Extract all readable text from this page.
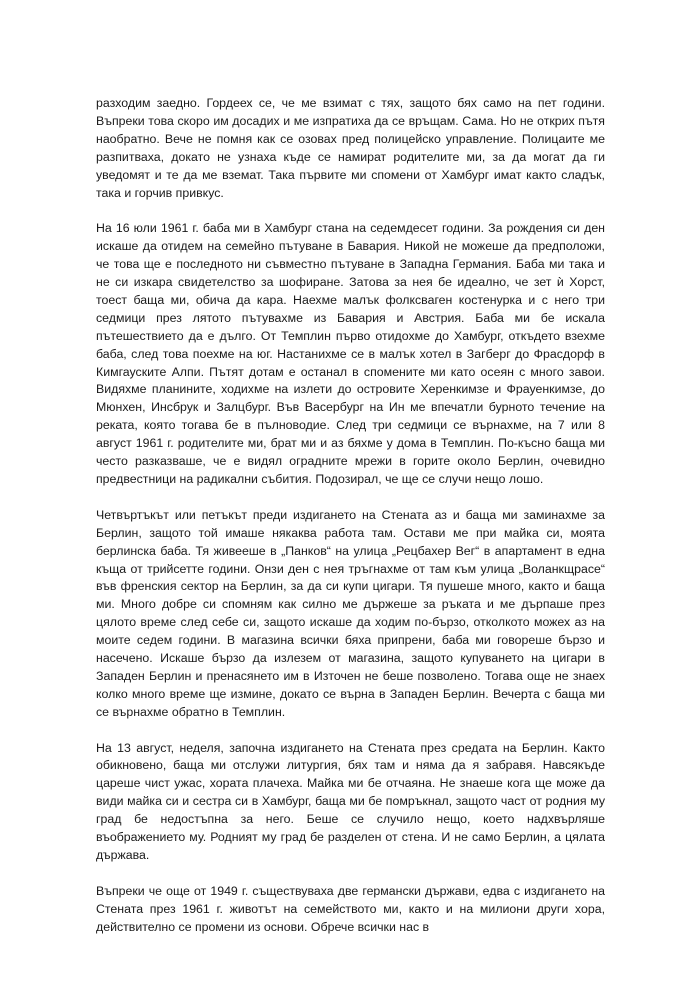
разходим заедно. Гордеех се, че ме взимат с тях, защото бях само на пет години. Въпреки това скоро им досадих и ме изпратиха да се връщам. Сама. Но не открих пътя наобратно. Вече не помня как се озовах пред полицейско управление. Полицаите ме разпитваха, докато не узнаха къде се намират родителите ми, за да могат да ги уведомят и те да ме вземат. Така първите ми спомени от Хамбург имат както сладък, така и горчив привкус.

На 16 юли 1961 г. баба ми в Хамбург стана на седемдесет години. За рождения си ден искаше да отидем на семейно пътуване в Бавария. Никой не можеше да предположи, че това ще е последното ни съвместно пътуване в Западна Германия. Баба ми така и не си изкара свидетелство за шофиране. Затова за нея бе идеално, че зет ѝ Хорст, тоест баща ми, обича да кара. Наехме малък фолксваген костенурка и с него три седмици през лятото пътувахме из Бавария и Австрия. Баба ми бе искала пътешествието да е дълго. От Темплин първо отидохме до Хамбург, откъдето взехме баба, след това поехме на юг. Настанихме се в малък хотел в Загберг до Фрасдорф в Кимгауските Алпи. Пътят дотам е останал в спомените ми като осеян с много завои. Видяхме планините, ходихме на излети до островите Херенкимзе и Фрауенкимзе, до Мюнхен, Инсбрук и Залцбург. Във Васербург на Ин ме впечатли бурното течение на реката, която тогава бе в пълноводие. След три седмици се върнахме, на 7 или 8 август 1961 г. родителите ми, брат ми и аз бяхме у дома в Темплин. По-късно баща ми често разказваше, че е видял оградните мрежи в горите около Берлин, очевидно предвестници на радикални събития. Подозирал, че ще се случи нещо лошо.

Четвъртъкът или петъкът преди издигането на Стената аз и баща ми заминахме за Берлин, защото той имаше някаква работа там. Остави ме при майка си, моята берлинска баба. Тя живееше в „Панков“ на улица „Рецбахер Вег“ в апартамент в една къща от трийсетте години. Онзи ден с нея тръгнахме от там към улица „Воланкщрасе“ във френския сектор на Берлин, за да си купи цигари. Тя пушеше много, както и баща ми. Много добре си спомням как силно ме държеше за ръката и ме дърпаше през цялото време след себе си, защото искаше да ходим по-бързо, отколкото можех аз на моите седем години. В магазина всички бяха припрени, баба ми говореше бързо и насечено. Искаше бързо да излезем от магазина, защото купуването на цигари в Западен Берлин и пренасянето им в Източен не беше позволено. Тогава още не знаех колко много време ще измине, докато се върна в Западен Берлин. Вечерта с баща ми се върнахме обратно в Темплин.

На 13 август, неделя, започна издигането на Стената през средата на Берлин. Както обикновено, баща ми отслужи литургия, бях там и няма да я забравя. Навсякъде цареше чист ужас, хората плачеха. Майка ми бе отчаяна. Не знаеше кога ще може да види майка си и сестра си в Хамбург, баща ми бе помръкнал, защото част от родния му град бе недостъпна за него. Беше се случило нещо, което надхвърляше въображението му. Родният му град бе разделен от стена. И не само Берлин, а цялата държава.

Въпреки че още от 1949 г. съществуваха две германски държави, едва с издигането на Стената през 1961 г. животът на семейството ми, както и на милиони други хора, действително се промени из основи. Обрече всички нас в
